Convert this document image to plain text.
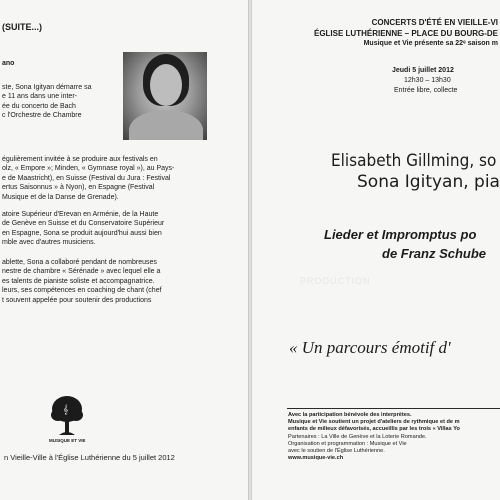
(SUITE...)
ano
ste, Sona Igityan démarre sa
e 11 ans dans une inter-
ée du concerto de Bach
c l'Orchestre de Chambre
égulièrement invitée à se produire aux festivals en
olz, « Empore »; Minden, « Gymnase royal »), au Pays-
e de Maastricht), en Suisse (Festival du Jura : Festival
ertus Saisonnus » à Nyon), en Espagne (Festival
Musique et de la Danse de Grenade).
atoire Supérieur d'Erevan en Arménie, de la Haute
de Genève en Suisse et du Conservatoire Supérieur
en Espagne, Sona se produit aujourd'hui aussi bien
mble avec d'autres musiciens.
ablette, Sona a collaboré pendant de nombreuses
nestre de chambre « Sérénade » avec lequel elle a
es talents de pianiste soliste et accompagnatrice.
leurs, ses compétences en coaching de chant (chef
t souvent appelée pour soutenir des productions
𝄞
MUSIQUE ET VIE
n Vieille-Ville à l'Église Luthérienne du 5 juillet 2012
CONCERTS D'ÉTÉ EN VIEILLE-VI
ÉGLISE LUTHÉRIENNE – PLACE DU BOURG-DE
Musique et Vie présente sa 22ᵉ saison m
Jeudi 5 juillet 2012
12h30 – 13h30
Entrée libre, collecte
Elisabeth Gillming, so
Sona Igityan, pia
Lieder et Impromptus po
de Franz Schube
PRODUCTION
« Un parcours émotif d'
Avec la participation bénévole des interprètes.
Musique et Vie soutient un projet d'ateliers de rythmique et de m
enfants de milieux défavorisés, accueillis par les trois « Villas Yo
Partenaires : La Ville de Genève et la Loterie Romande.
Organisation et programmation : Musique et Vie
avec le soutien de l'Église Luthérienne.
www.musique-vie.ch
